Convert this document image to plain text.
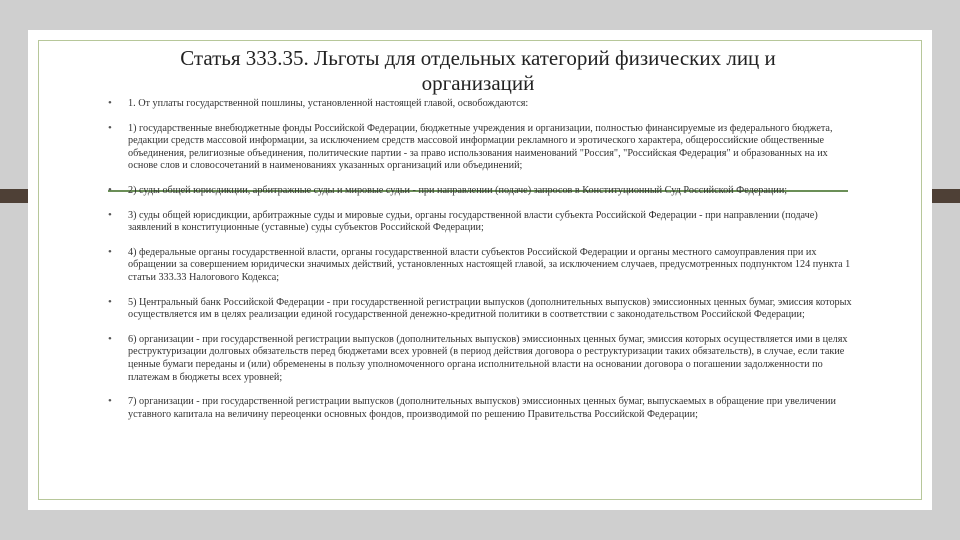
Статья 333.35. Льготы для отдельных категорий физических лиц и организаций
• 1. От уплаты государственной пошлины, установленной настоящей главой, освобождаются:
• 1) государственные внебюджетные фонды Российской Федерации, бюджетные учреждения и организации, полностью финансируемые из федерального бюджета, редакции средств массовой информации, за исключением средств массовой информации рекламного и эротического характера, общероссийские общественные объединения, религиозные объединения, политические партии - за право использования наименований "Россия", "Российская Федерация" и образованных на их основе слов и словосочетаний в наименованиях указанных организаций или объединений;
• 2) суды общей юрисдикции, арбитражные суды и мировые судьи - при направлении (подаче) запросов в Конституционный Суд Российской Федерации;
• 3) суды общей юрисдикции, арбитражные суды и мировые судьи, органы государственной власти субъекта Российской Федерации - при направлении (подаче) заявлений в конституционные (уставные) суды субъектов Российской Федерации;
• 4) федеральные органы государственной власти, органы государственной власти субъектов Российской Федерации и органы местного самоуправления при их обращении за совершением юридически значимых действий, установленных настоящей главой, за исключением случаев, предусмотренных подпунктом 124 пункта 1 статьи 333.33 Налогового Кодекса;
• 5) Центральный банк Российской Федерации - при государственной регистрации выпусков (дополнительных выпусков) эмиссионных ценных бумаг, эмиссия которых осуществляется им в целях реализации единой государственной денежно-кредитной политики в соответствии с законодательством Российской Федерации;
• 6) организации - при государственной регистрации выпусков (дополнительных выпусков) эмиссионных ценных бумаг, эмиссия которых осуществляется ими в целях реструктуризации долговых обязательств перед бюджетами всех уровней (в период действия договора о реструктуризации таких обязательств), в случае, если такие ценные бумаги переданы и (или) обременены в пользу уполномоченного органа исполнительной власти на основании договора о погашении задолженности по платежам в бюджеты всех уровней;
• 7) организации - при государственной регистрации выпусков (дополнительных выпусков) эмиссионных ценных бумаг, выпускаемых в обращение при увеличении уставного капитала на величину переоценки основных фондов, производимой по решению Правительства Российской Федерации;
